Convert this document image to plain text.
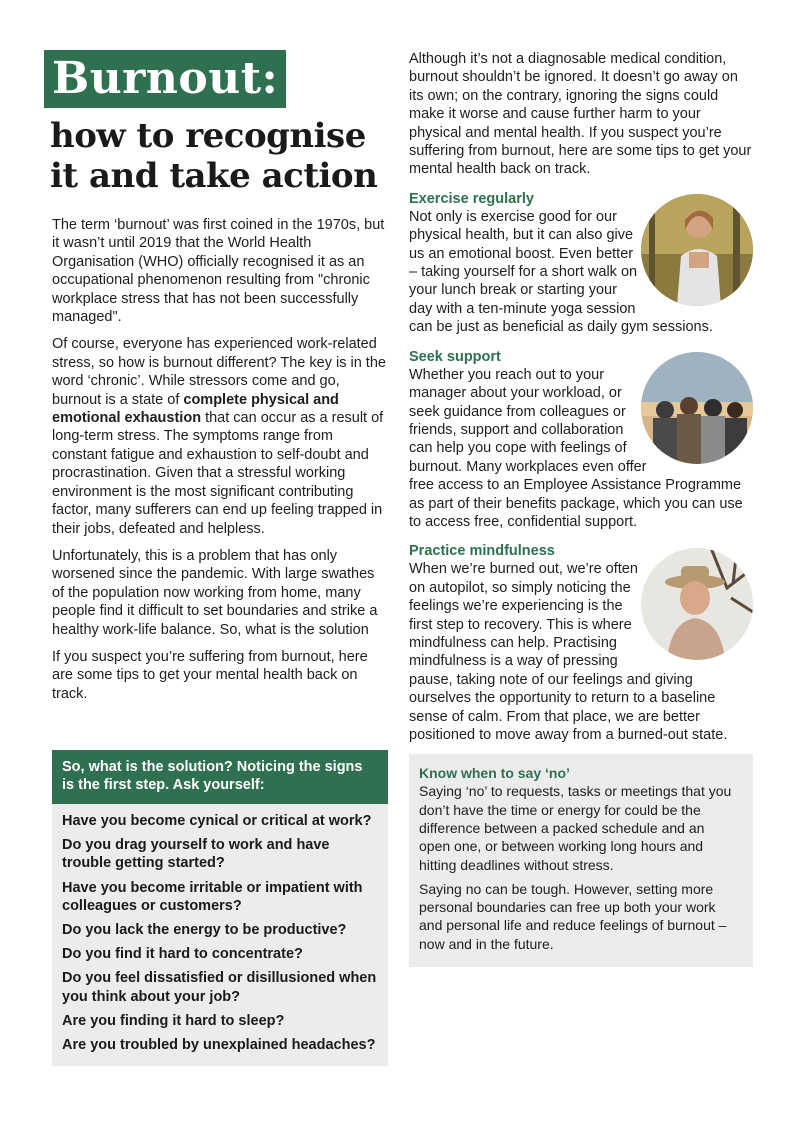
Burnout:
how to recognise it and take action

The term ‘burnout’ was first coined in the 1970s, but it wasn’t until 2019 that the World Health Organisation (WHO) officially recognised it as an occupational phenomenon resulting from "chronic workplace stress that has not been successfully managed".

Of course, everyone has experienced work-related stress, so how is burnout different? The key is in the word ‘chronic’. While stressors come and go, burnout is a state of complete physical and emotional exhaustion that can occur as a result of long-term stress. The symptoms range from constant fatigue and exhaustion to self-doubt and procrastination. Given that a stressful working environment is the most significant contributing factor, many sufferers can end up feeling trapped in their jobs, defeated and helpless.

Unfortunately, this is a problem that has only worsened since the pandemic. With large swathes of the population now working from home, many people find it difficult to set boundaries and strike a healthy work-life balance. So, what is the solution

If you suspect you’re suffering from burnout, here are some tips to get your mental health back on track.

So, what is the solution? Noticing the signs is the first step. Ask yourself:
Have you become cynical or critical at work?
Do you drag yourself to work and have trouble getting started?
Have you become irritable or impatient with colleagues or customers?
Do you lack the energy to be productive?
Do you find it hard to concentrate?
Do you feel dissatisfied or disillusioned when you think about your job?
Are you finding it hard to sleep?
Are you troubled by unexplained headaches?

Although it’s not a diagnosable medical condition, burnout shouldn’t be ignored. It doesn’t go away on its own; on the contrary, ignoring the signs could make it worse and cause further harm to your physical and mental health. If you suspect you’re suffering from burnout, here are some tips to get your mental health back on track.

Exercise regularly

Not only is exercise good for our physical health, but it can also give us an emotional boost. Even better – taking yourself for a short walk on your lunch break or starting your day with a ten-minute yoga session can be just as beneficial as daily gym sessions.

Seek support

Whether you reach out to your manager about your workload, or seek guidance from colleagues or friends, support and collaboration can help you cope with feelings of burnout. Many workplaces even offer free access to an Employee Assistance Programme as part of their benefits package, which you can use to access free, confidential support.

Practice mindfulness

When we’re burned out, we’re often on autopilot, so simply noticing the feelings we’re experiencing is the first step to recovery. This is where mindfulness can help. Practising mindfulness is a way of pressing pause, taking note of our feelings and giving ourselves the opportunity to return to a baseline sense of calm. From that place, we are better positioned to move away from a burned-out state.

Know when to say ‘no’

Saying ‘no’ to requests, tasks or meetings that you don’t have the time or energy for could be the difference between a packed schedule and an open one, or between working long hours and hitting deadlines without stress.

Saying no can be tough. However, setting more personal boundaries can free up both your work and personal life and reduce feelings of burnout – now and in the future.
